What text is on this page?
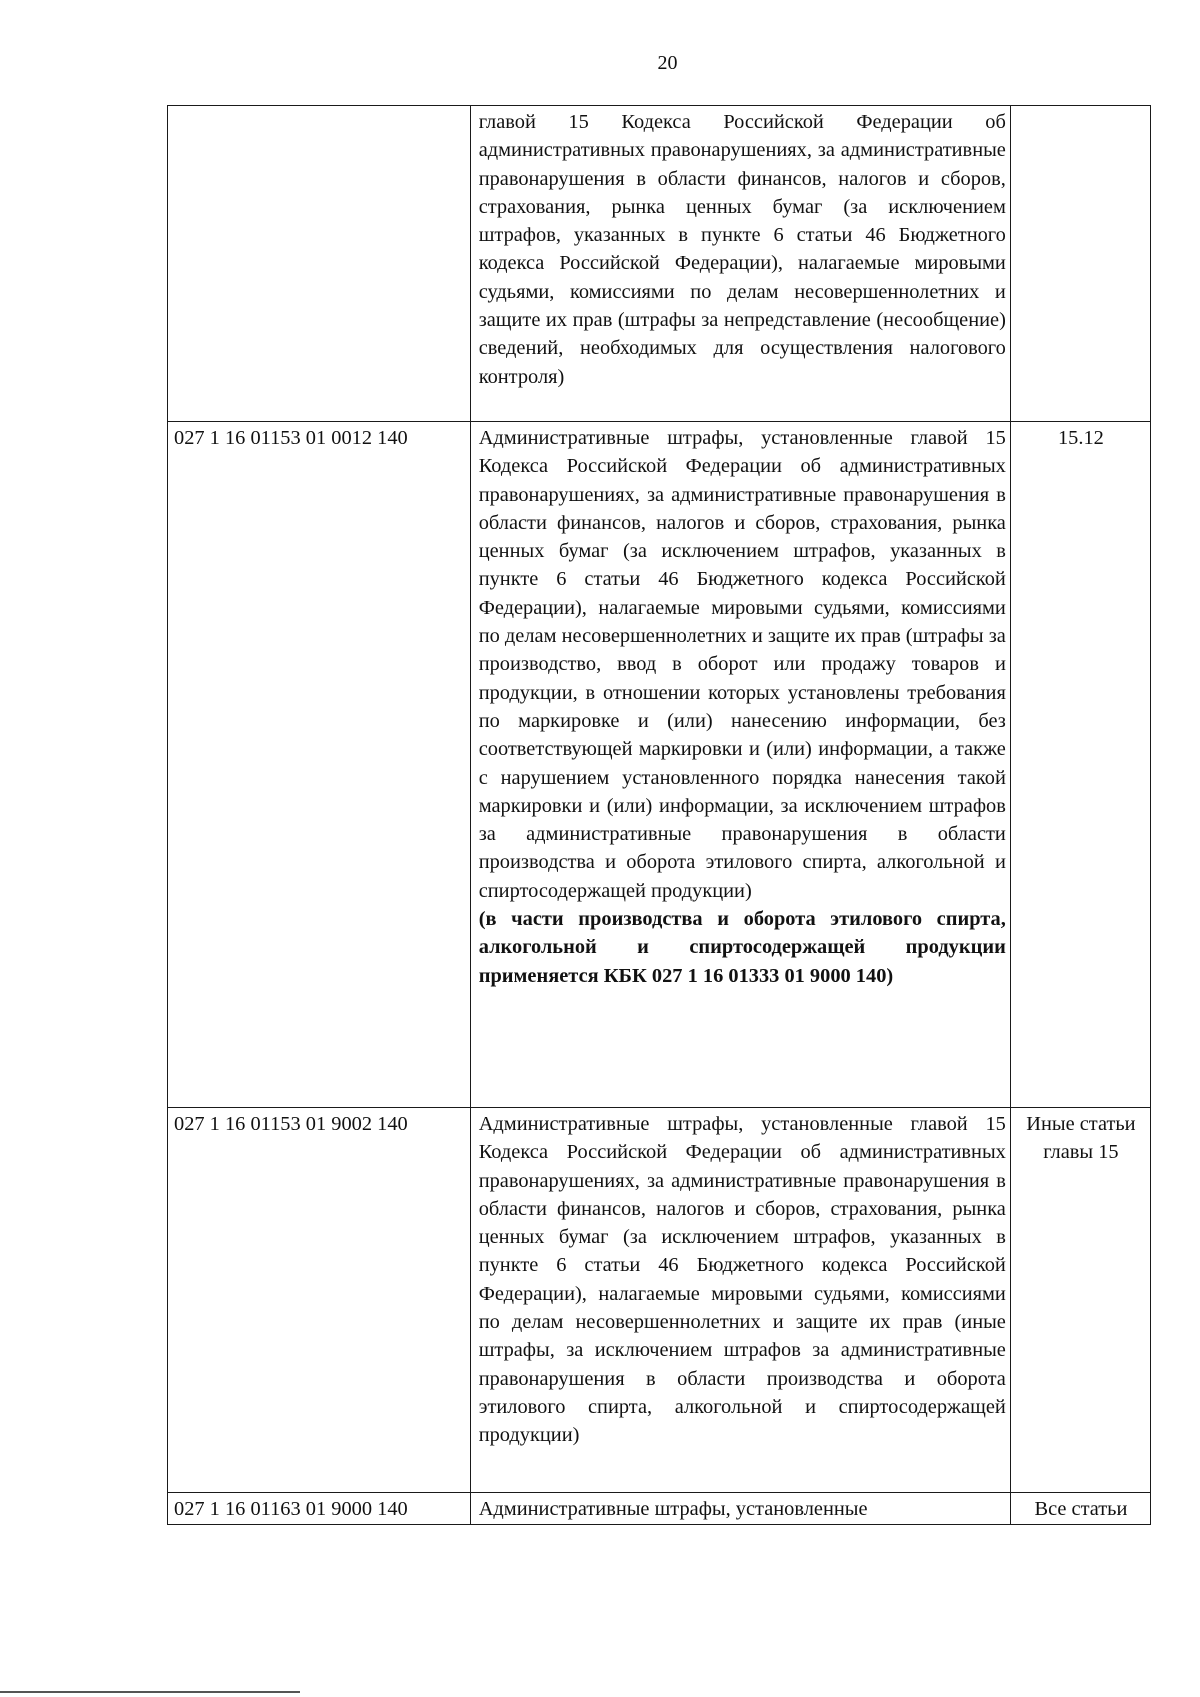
20

	главой 15 Кодекса Российской Федерации об административных правонарушениях, за административные правонарушения в области финансов, налогов и сборов, страхования, рынка ценных бумаг (за исключением штрафов, указанных в пункте 6 статьи 46 Бюджетного кодекса Российской Федерации), налагаемые мировыми судьями, комиссиями по делам несовершеннолетних и защите их прав (штрафы за непредставление (несообщение) сведений, необходимых для осуществления налогового контроля)	

027 1 16 01153 01 0012 140	Административные штрафы, установленные главой 15 Кодекса Российской Федерации об административных правонарушениях, за административные правонарушения в области финансов, налогов и сборов, страхования, рынка ценных бумаг (за исключением штрафов, указанных в пункте 6 статьи 46 Бюджетного кодекса Российской Федерации), налагаемые мировыми судьями, комиссиями по делам несовершеннолетних и защите их прав (штрафы за производство, ввод в оборот или продажу товаров и продукции, в отношении которых установлены требования по маркировке и (или) нанесению информации, без соответствующей маркировки и (или) информации, а также с нарушением установленного порядка нанесения такой маркировки и (или) информации, за исключением штрафов за административные правонарушения в области производства и оборота этилового спирта, алкогольной и спиртосодержащей продукции)
(в части производства и оборота этилового спирта, алкогольной и спиртосодержащей продукции применяется КБК 027 1 16 01333 01 9000 140)	15.12
027 1 16 01153 01 9002 140	Административные штрафы, установленные главой 15 Кодекса Российской Федерации об административных правонарушениях, за административные правонарушения в области финансов, налогов и сборов, страхования, рынка ценных бумаг (за исключением штрафов, указанных в пункте 6 статьи 46 Бюджетного кодекса Российской Федерации), налагаемые мировыми судьями, комиссиями по делам несовершеннолетних и защите их прав (иные штрафы, за исключением штрафов за административные правонарушения в области производства и оборота этилового спирта, алкогольной и спиртосодержащей продукции)	Иные статьи главы 15
027 1 16 01163 01 9000 140	Административные штрафы, установленные	Все статьи
